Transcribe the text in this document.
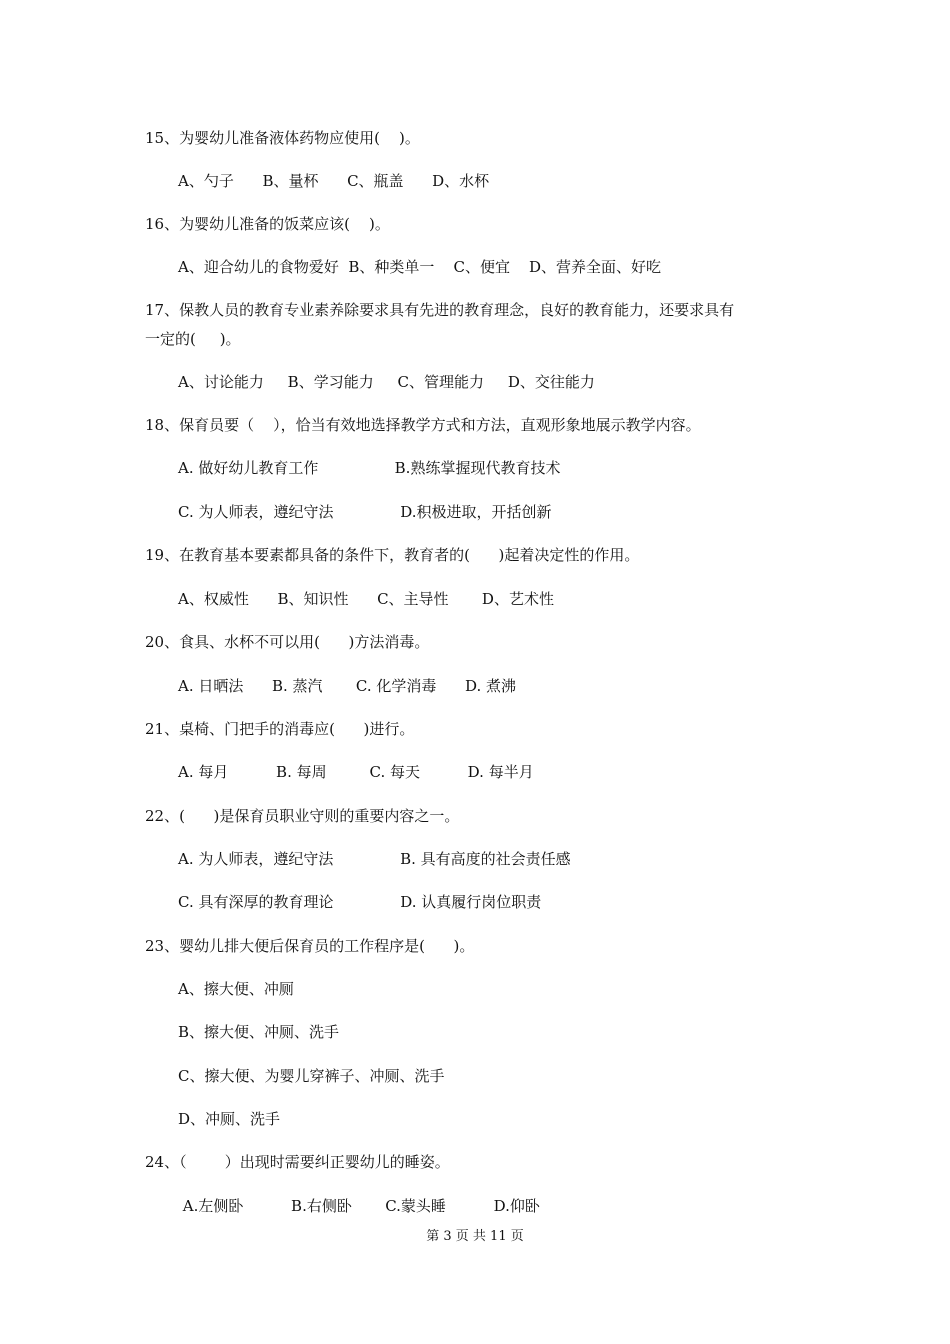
15、为婴幼儿准备液体药物应使用(    )。
A、勺子      B、量杯      C、瓶盖      D、水杯
16、为婴幼儿准备的饭菜应该(    )。
A、迎合幼儿的食物爱好  B、种类单一    C、便宜    D、营养全面、好吃
17、保教人员的教育专业素养除要求具有先进的教育理念，良好的教育能力，还要求具有
一定的(     )。
A、讨论能力     B、学习能力     C、管理能力     D、交往能力
18、保育员要（    ），恰当有效地选择教学方式和方法，直观形象地展示教学内容。
A. 做好幼儿教育工作                B.熟练掌握现代教育技术
C. 为人师表，遵纪守法              D.积极进取，开括创新
19、在教育基本要素都具备的条件下，教育者的(      )起着决定性的作用。
A、权威性      B、知识性      C、主导性       D、艺术性
20、食具、水杯不可以用(      )方法消毒。
A. 日晒法      B. 蒸汽       C. 化学消毒      D. 煮沸
21、桌椅、门把手的消毒应(      )进行。
A. 每月          B. 每周         C. 每天          D. 每半月
22、(      )是保育员职业守则的重要内容之一。
A. 为人师表，遵纪守法              B. 具有高度的社会责任感
C. 具有深厚的教育理论              D. 认真履行岗位职责
23、婴幼儿排大便后保育员的工作程序是(      )。
A、擦大便、冲厕
B、擦大便、冲厕、洗手
C、擦大便、为婴儿穿裤子、冲厕、洗手
D、冲厕、洗手
24、（        ）出现时需要纠正婴幼儿的睡姿。
A.左侧卧          B.右侧卧       C.蒙头睡          D.仰卧
第 3 页 共 11 页
